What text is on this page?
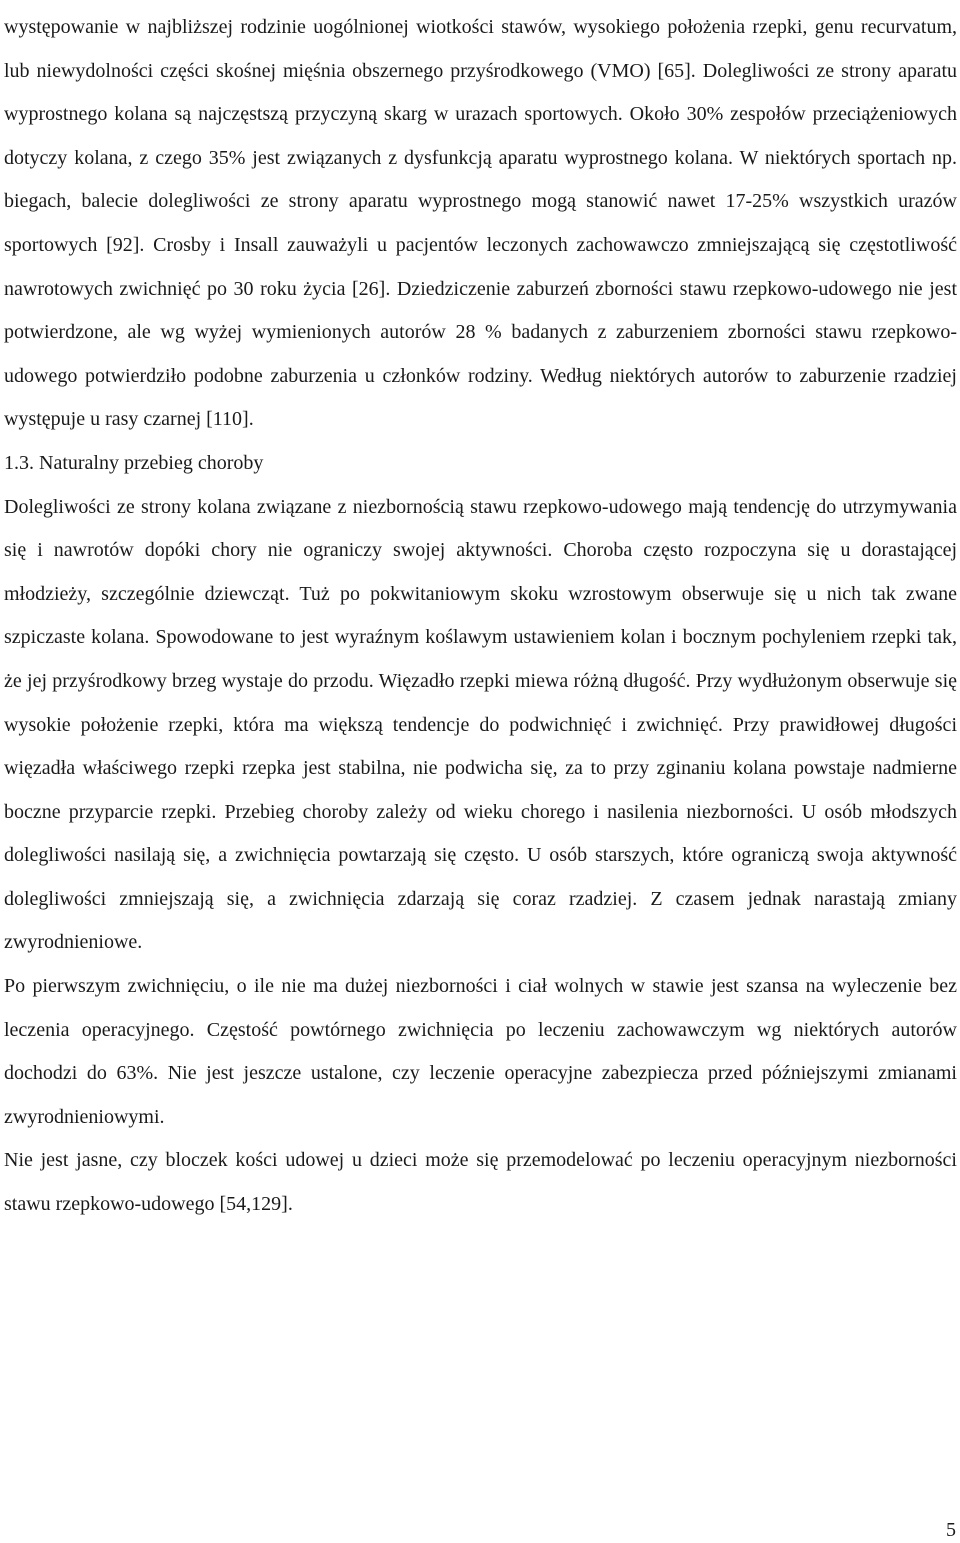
występowanie w najbliższej rodzinie uogólnionej wiotkości stawów, wysokiego położenia rzepki, genu recurvatum, lub niewydolności części skośnej mięśnia obszernego przyśrodkowego (VMO) [65]. Dolegliwości ze strony aparatu wyprostnego kolana są najczęstszą przyczyną skarg w urazach sportowych. Około 30% zespołów przeciążeniowych dotyczy kolana, z czego 35% jest związanych z dysfunkcją aparatu wyprostnego kolana. W niektórych sportach np. biegach, balecie dolegliwości ze strony aparatu wyprostnego mogą stanowić nawet 17-25% wszystkich urazów sportowych [92]. Crosby i Insall zauważyli u pacjentów leczonych zachowawczo zmniejszającą się częstotliwość nawrotowych zwichnięć po 30 roku życia [26]. Dziedziczenie zaburzeń zborności stawu rzepkowo-udowego nie jest potwierdzone, ale wg wyżej wymienionych autorów 28 % badanych z zaburzeniem zborności stawu rzepkowo-udowego potwierdziło podobne zaburzenia u członków rodziny. Według niektórych autorów to zaburzenie rzadziej występuje u rasy czarnej [110].

1.3. Naturalny przebieg choroby

Dolegliwości ze strony kolana związane z niezbornością stawu rzepkowo-udowego mają tendencję do utrzymywania się i nawrotów dopóki chory nie ograniczy swojej aktywności. Choroba często rozpoczyna się u dorastającej młodzieży, szczególnie dziewcząt. Tuż po pokwitaniowym skoku wzrostowym obserwuje się u nich tak zwane szpiczaste kolana. Spowodowane to jest wyraźnym koślawym ustawieniem kolan i bocznym pochyleniem rzepki tak, że jej przyśrodkowy brzeg wystaje do przodu. Więzadło rzepki miewa różną długość. Przy wydłużonym obserwuje się wysokie położenie rzepki, która ma większą tendencje do podwichnięć i zwichnięć. Przy prawidłowej długości więzadła właściwego rzepki rzepka jest stabilna, nie podwicha się, za to przy zginaniu kolana powstaje nadmierne boczne przyparcie rzepki. Przebieg choroby zależy od wieku chorego i nasilenia niezborności. U osób młodszych dolegliwości nasilają się, a zwichnięcia powtarzają się często. U osób starszych, które ograniczą swoja aktywność dolegliwości zmniejszają się, a zwichnięcia zdarzają się coraz rzadziej. Z czasem jednak narastają zmiany zwyrodnieniowe.

Po pierwszym zwichnięciu, o ile nie ma dużej niezborności i ciał wolnych w stawie jest szansa na wyleczenie bez leczenia operacyjnego. Częstość powtórnego zwichnięcia po leczeniu zachowawczym wg niektórych autorów dochodzi do 63%. Nie jest jeszcze ustalone, czy leczenie operacyjne zabezpiecza przed późniejszymi zmianami zwyrodnieniowymi.

Nie jest jasne, czy bloczek kości udowej u dzieci może się przemodelować po leczeniu operacyjnym niezborności stawu rzepkowo-udowego [54,129].

5
